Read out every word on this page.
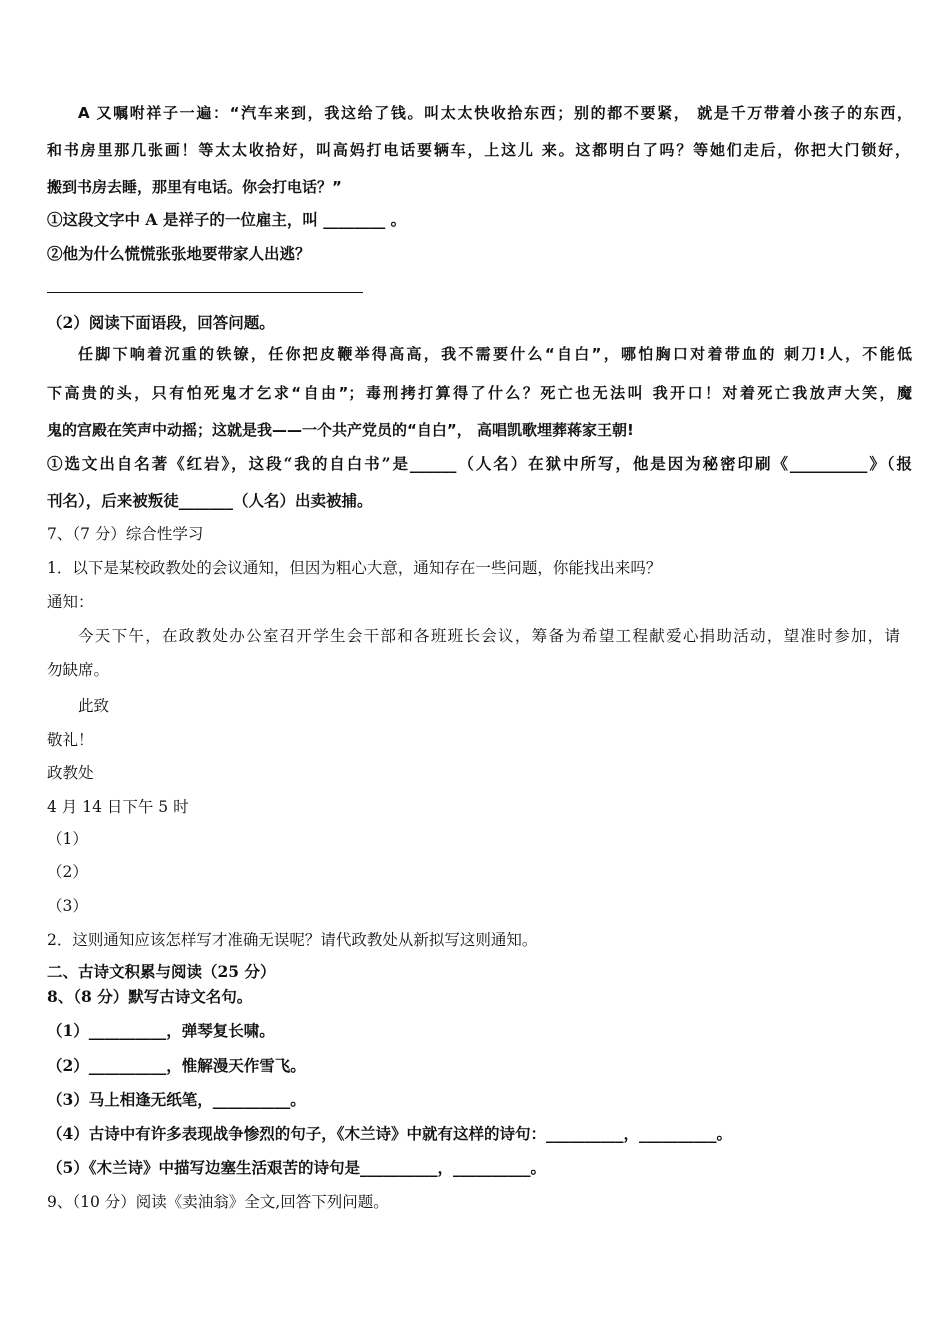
A 又嘱咐祥子一遍：“汽车来到，我这给了钱。叫太太快收拾东西；别的都不要紧， 就是千万带着小孩子的东西，
和书房里那几张画！等太太收拾好，叫高妈打电话要辆车，上这儿 来。这都明白了吗？等她们走后，你把大门锁好，
搬到书房去睡，那里有电话。你会打电话？”
①这段文字中 A 是祥子的一位雇主，叫 ________ 。
②他为什么慌慌张张地要带家人出逃？
（2）阅读下面语段，回答问题。
任脚下响着沉重的铁镣，任你把皮鞭举得高高，我不需要什么“自白”，哪怕胸口对着带血的 刺刀!人，不能低
下高贵的头，只有怕死鬼才乞求“自由”；毒刑拷打算得了什么？死亡也无法叫 我开口！对着死亡我放声大笑，魔
鬼的宫殿在笑声中动摇；这就是我——一个共产党员的“自白”， 高唱凯歌埋葬蒋家王朝!
①选文出自名著《红岩》，这段“我的自白书”是______（人名）在狱中所写，他是因为秘密印刷《__________》（报
刊名），后来被叛徒_______（人名）出卖被捕。
7、（7 分）综合性学习
1．以下是某校政教处的会议通知，但因为粗心大意，通知存在一些问题，你能找出来吗？
通知：
今天下午，在政教处办公室召开学生会干部和各班班长会议，筹备为希望工程献爱心捐助活动，望准时参加，请
勿缺席。
此致
敬礼！
政教处
4 月 14 日下午 5 时
（1）
（2）
（3）
2．这则通知应该怎样写才准确无误呢？请代政教处从新拟写这则通知。
二、古诗文积累与阅读（25 分）
8、（8 分）默写古诗文名句。
（1）__________，弹琴复长啸。
（2）__________，惟解漫天作雪飞。
（3）马上相逢无纸笔，__________。
（4）古诗中有许多表现战争惨烈的句子，《木兰诗》中就有这样的诗句：__________，__________。
（5）《木兰诗》中描写边塞生活艰苦的诗句是__________，__________。
9、（10 分）阅读《卖油翁》全文,回答下列问题。
